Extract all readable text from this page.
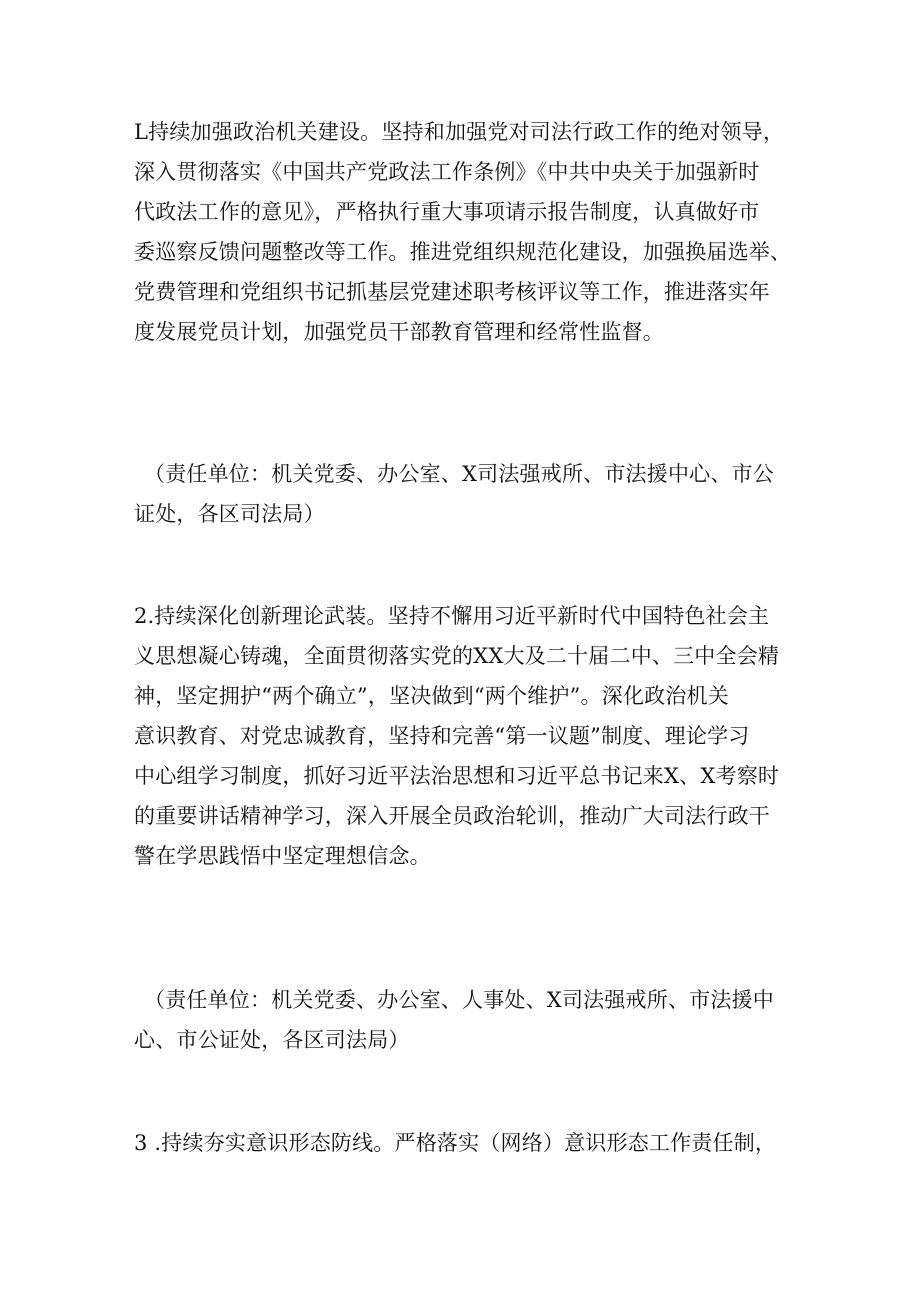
L持续加强政治机关建设。坚持和加强党对司法行政工作的绝对领导，
深入贯彻落实《中国共产党政法工作条例》《中共中央关于加强新时
代政法工作的意见》，严格执行重大事项请示报告制度，认真做好市
委巡察反馈问题整改等工作。推进党组织规范化建设，加强换届选举、
党费管理和党组织书记抓基层党建述职考核评议等工作，推进落实年
度发展党员计划，加强党员干部教育管理和经常性监督。
（责任单位：机关党委、办公室、X司法强戒所、市法援中心、市公
证处，各区司法局）
2.持续深化创新理论武装。坚持不懈用习近平新时代中国特色社会主
义思想凝心铸魂，全面贯彻落实党的XX大及二十届二中、三中全会精
神，坚定拥护“两个确立”，坚决做到“两个维护”。深化政治机关
意识教育、对党忠诚教育，坚持和完善“第一议题”制度、理论学习
中心组学习制度，抓好习近平法治思想和习近平总书记来X、X考察时
的重要讲话精神学习，深入开展全员政治轮训，推动广大司法行政干
警在学思践悟中坚定理想信念。
（责任单位：机关党委、办公室、人事处、X司法强戒所、市法援中
心、市公证处，各区司法局）
3 .持续夯实意识形态防线。严格落实（网络）意识形态工作责任制，
